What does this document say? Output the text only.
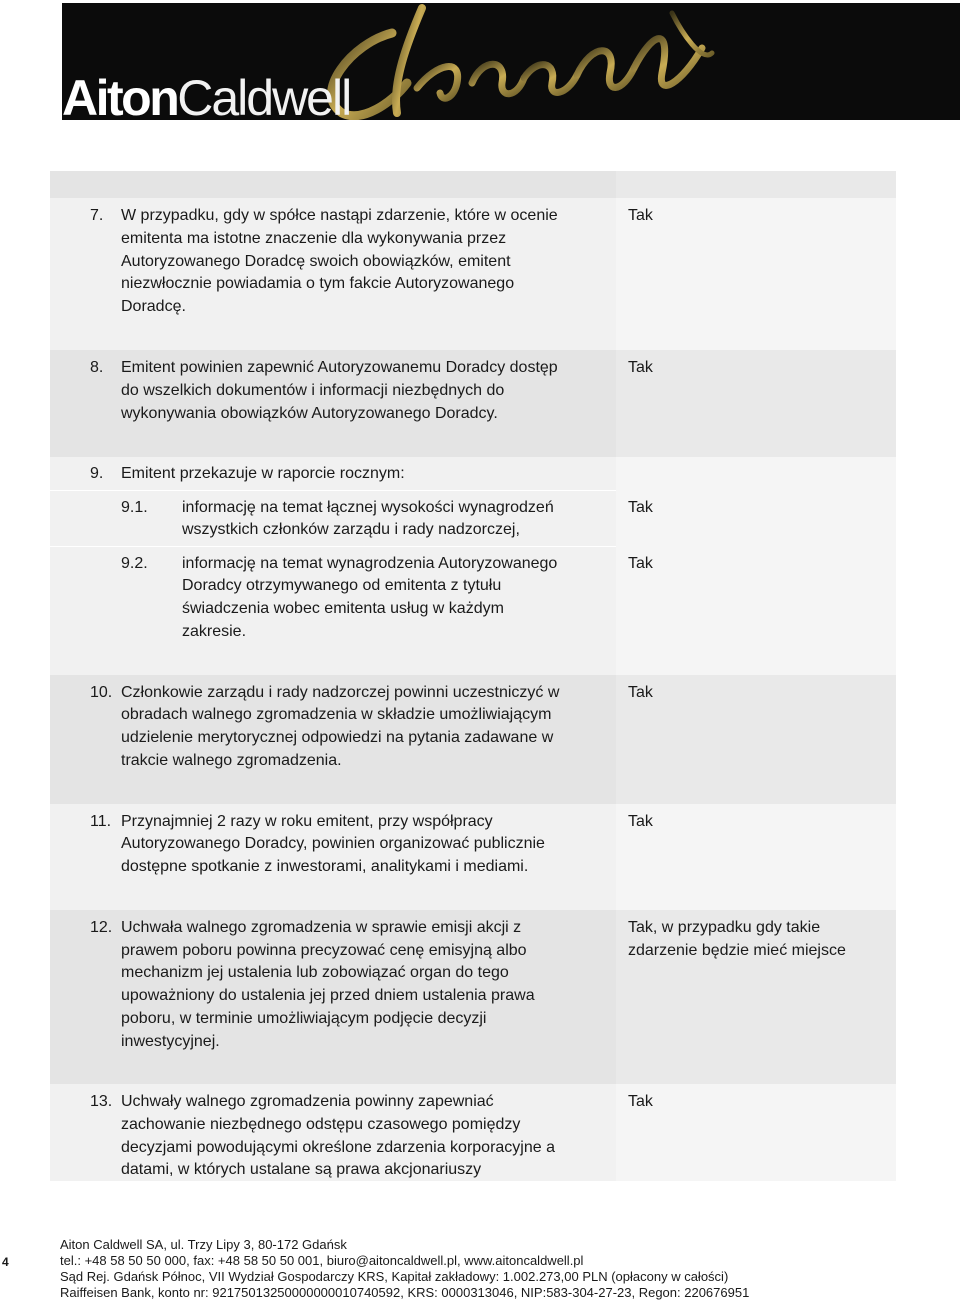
AitonCaldwell
7. W przypadku, gdy w spółce nastąpi zdarzenie, które w ocenie
emitenta ma istotne znaczenie dla wykonywania przez
Autoryzowanego Doradcę swoich obowiązków, emitent
niezwłocznie powiadamia o tym fakcie Autoryzowanego
Doradcę.
Tak
8. Emitent powinien zapewnić Autoryzowanemu Doradcy dostęp
do wszelkich dokumentów i informacji niezbędnych do
wykonywania obowiązków Autoryzowanego Doradcy.
Tak
9. Emitent przekazuje w raporcie rocznym:
9.1. informację na temat łącznej wysokości wynagrodzeń
wszystkich członków zarządu i rady nadzorczej,
Tak
9.2. informację na temat wynagrodzenia Autoryzowanego
Doradcy otrzymywanego od emitenta z tytułu
świadczenia wobec emitenta usług w każdym
zakresie.
Tak
10. Członkowie zarządu i rady nadzorczej powinni uczestniczyć w
obradach walnego zgromadzenia w składzie umożliwiającym
udzielenie merytorycznej odpowiedzi na pytania zadawane w
trakcie walnego zgromadzenia.
Tak
11. Przynajmniej 2 razy w roku emitent, przy współpracy
Autoryzowanego Doradcy, powinien organizować publicznie
dostępne spotkanie z inwestorami, analitykami i mediami.
Tak
12. Uchwała walnego zgromadzenia w sprawie emisji akcji z
prawem poboru powinna precyzować cenę emisyjną albo
mechanizm jej ustalenia lub zobowiązać organ do tego
upoważniony do ustalenia jej przed dniem ustalenia prawa
poboru, w terminie umożliwiającym podjęcie decyzji
inwestycyjnej.
Tak, w przypadku gdy takie
zdarzenie będzie mieć miejsce
13. Uchwały walnego zgromadzenia powinny zapewniać
zachowanie niezbędnego odstępu czasowego pomiędzy
decyzjami powodującymi określone zdarzenia korporacyjne a
datami, w których ustalane są prawa akcjonariuszy
Tak
4
Aiton Caldwell SA, ul. Trzy Lipy 3, 80-172 Gdańsk
tel.: +48 58 50 50 000, fax: +48 58 50 50 001, biuro@aitoncaldwell.pl, www.aitoncaldwell.pl
Sąd Rej. Gdańsk Północ, VII Wydział Gospodarczy KRS, Kapitał zakładowy: 1.002.273,00 PLN (opłacony w całości)
Raiffeisen Bank, konto nr: 92175013250000000010740592, KRS: 0000313046, NIP:583-304-27-23, Regon: 220676951
